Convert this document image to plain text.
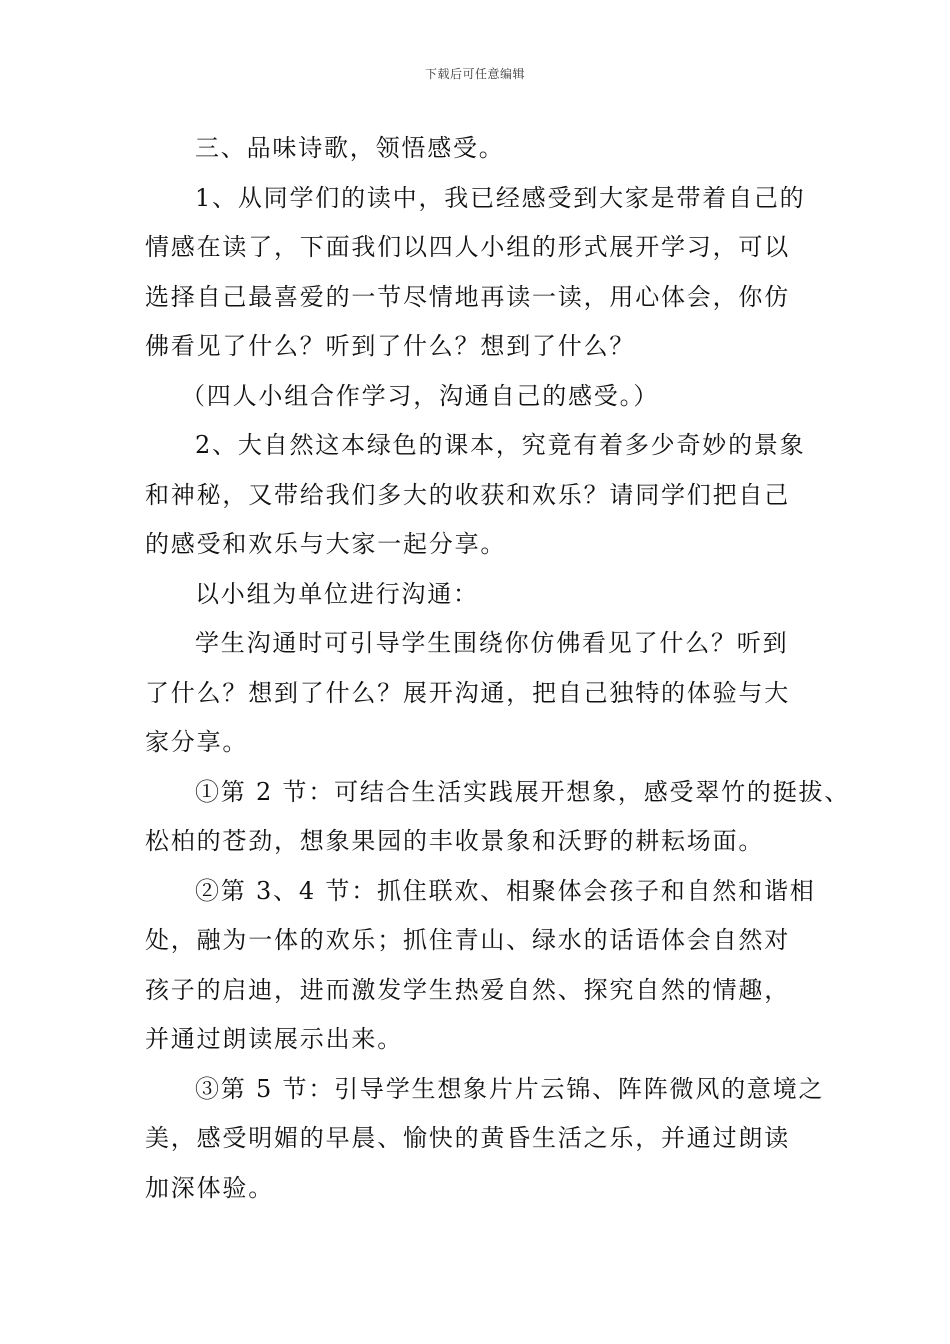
下载后可任意编辑
三、品味诗歌，领悟感受。
1、从同学们的读中，我已经感受到大家是带着自己的
情感在读了，下面我们以四人小组的形式展开学习，可以
选择自己最喜爱的一节尽情地再读一读，用心体会，你仿
佛看见了什么？听到了什么？想到了什么？
（四人小组合作学习，沟通自己的感受。）
2、大自然这本绿色的课本，究竟有着多少奇妙的景象
和神秘，又带给我们多大的收获和欢乐？请同学们把自己
的感受和欢乐与大家一起分享。
以小组为单位进行沟通：
学生沟通时可引导学生围绕你仿佛看见了什么？听到
了什么？想到了什么？展开沟通，把自己独特的体验与大
家分享。
①第 2 节：可结合生活实践展开想象，感受翠竹的挺拔、
松柏的苍劲，想象果园的丰收景象和沃野的耕耘场面。
②第 3、4 节：抓住联欢、相聚体会孩子和自然和谐相
处，融为一体的欢乐；抓住青山、绿水的话语体会自然对
孩子的启迪，进而激发学生热爱自然、探究自然的情趣，
并通过朗读展示出来。
③第 5 节：引导学生想象片片云锦、阵阵微风的意境之
美，感受明媚的早晨、愉快的黄昏生活之乐，并通过朗读
加深体验。
